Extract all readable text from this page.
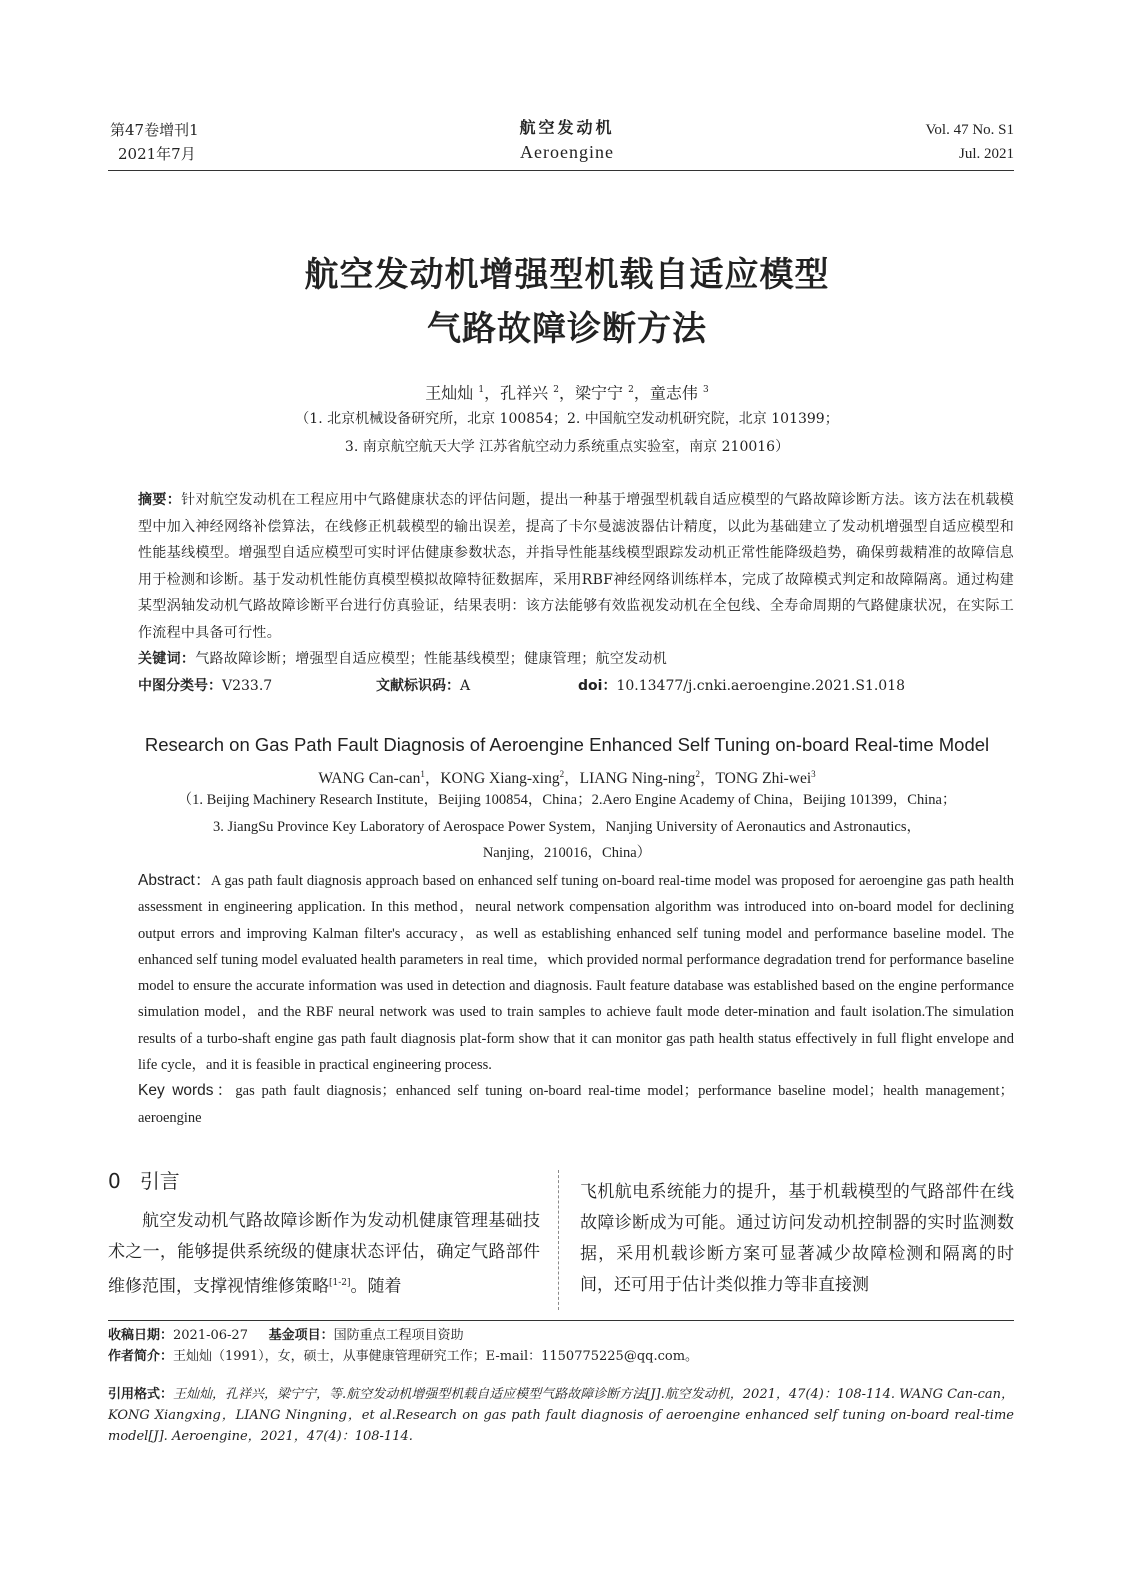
第47卷增刊1
2021年7月
航空发动机
Aeroengine
Vol. 47 No. S1
Jul. 2021
航空发动机增强型机载自适应模型
气路故障诊断方法
王灿灿 $^1$，孔祥兴 $^2$，梁宁宁 $^2$，童志伟 $^3$
（1. 北京机械设备研究所，北京 100854；2. 中国航空发动机研究院，北京 101399；
3. 南京航空航天大学 江苏省航空动力系统重点实验室，南京 210016）
摘要：针对航空发动机在工程应用中气路健康状态的评估问题，提出一种基于增强型机载自适应模型的气路故障诊断方法。该方法在机载模型中加入神经网络补偿算法，在线修正机载模型的输出误差，提高了卡尔曼滤波器估计精度，以此为基础建立了发动机增强型自适应模型和性能基线模型。增强型自适应模型可实时评估健康参数状态，并指导性能基线模型跟踪发动机正常性能降级趋势，确保剪裁精准的故障信息用于检测和诊断。基于发动机性能仿真模型模拟故障特征数据库，采用RBF神经网络训练样本，完成了故障模式判定和故障隔离。通过构建某型涡轴发动机气路故障诊断平台进行仿真验证，结果表明：该方法能够有效监视发动机在全包线、全寿命周期的气路健康状况，在实际工作流程中具备可行性。
关键词：气路故障诊断；增强型自适应模型；性能基线模型；健康管理；航空发动机
中图分类号：V233.7	文献标识码：A	doi：10.13477/j.cnki.aeroengine.2021.S1.018
Research on Gas Path Fault Diagnosis of Aeroengine Enhanced Self Tuning on-board Real-time Model
WANG Can-can$^1$，KONG Xiang-xing$^2$，LIANG Ning-ning$^2$，TONG Zhi-wei$^3$
（1. Beijing Machinery Research Institute，Beijing 100854，China；2.Aero Engine Academy of China，Beijing 101399，China；
3. JiangSu Province Key Laboratory of Aerospace Power System，Nanjing University of Aeronautics and Astronautics，
Nanjing，210016，China）
Abstract：A gas path fault diagnosis approach based on enhanced self tuning on-board real-time model was proposed for aeroengine gas path health assessment in engineering application. In this method，neural network compensation algorithm was introduced into on-board model for declining output errors and improving Kalman filter's accuracy，as well as establishing enhanced self tuning model and performance baseline model. The enhanced self tuning model evaluated health parameters in real time，which provided normal performance degradation trend for performance baseline model to ensure the accurate information was used in detection and diagnosis. Fault feature database was established based on the engine performance simulation model，and the RBF neural network was used to train samples to achieve fault mode deter-mination and fault isolation.The simulation results of a turbo-shaft engine gas path fault diagnosis plat-form show that it can monitor gas path health status effectively in full flight envelope and life cycle，and it is feasible in practical engineering process.
Key words：gas path fault diagnosis；enhanced self tuning on-board real-time model；performance baseline model；health management；aeroengine
0 引言
航空发动机气路故障诊断作为发动机健康管理基础技术之一，能够提供系统级的健康状态评估，确定气路部件维修范围，支撑视情维修策略[1-2]。随着
飞机航电系统能力的提升，基于机载模型的气路部件在线故障诊断成为可能。通过访问发动机控制器的实时监测数据，采用机载诊断方案可显著减少故障检测和隔离的时间，还可用于估计类似推力等非直接测
收稿日期：2021-06-27 基金项目：国防重点工程项目资助
作者简介：王灿灿（1991），女，硕士，从事健康管理研究工作；E-mail：1150775225@qq.com。
引用格式：王灿灿，孔祥兴，梁宁宁，等.航空发动机增强型机载自适应模型气路故障诊断方法[J].航空发动机，2021，47(4)：108-114. WANG Can-can，KONG Xiangxing，LIANG Ningning，et al.Research on gas path fault diagnosis of aeroengine enhanced self tuning on-board real-time model[J]. Aeroengine，2021，47(4)：108-114.
